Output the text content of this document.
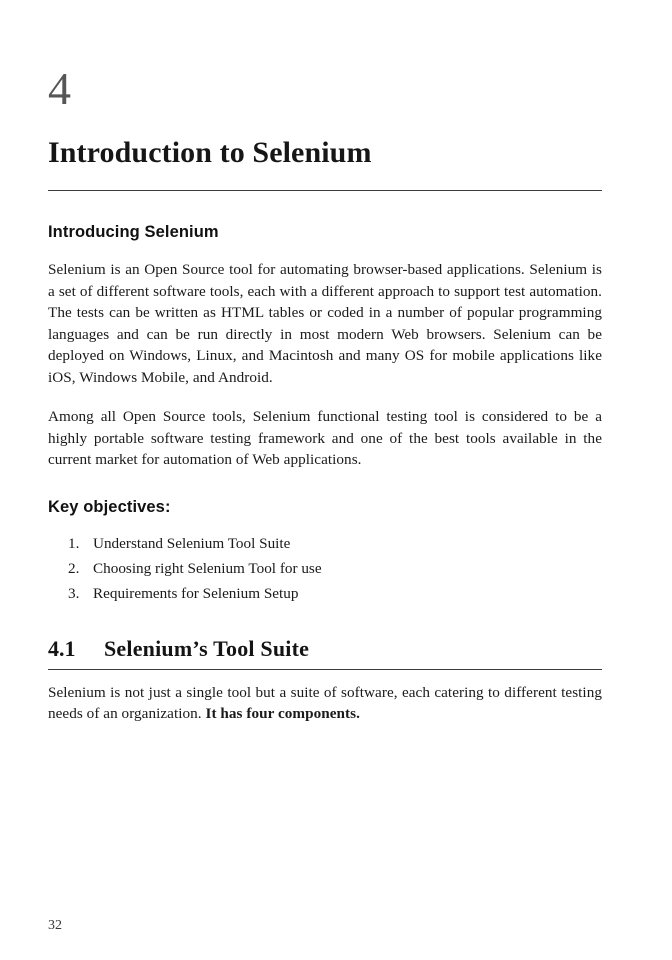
4
Introduction to Selenium
Introducing Selenium

Selenium is an Open Source tool for automating browser-based applications. Selenium is a set of different software tools, each with a different approach to support test automation. The tests can be written as HTML tables or coded in a number of popular programming languages and can be run directly in most modern Web browsers. Selenium can be deployed on Windows, Linux, and Macintosh and many OS for mobile applications like iOS, Windows Mobile, and Android.

Among all Open Source tools, Selenium functional testing tool is considered to be a highly portable software testing framework and one of the best tools available in the current market for automation of Web applications.

Key objectives:
1. Understand Selenium Tool Suite
2. Choosing right Selenium Tool for use
3. Requirements for Selenium Setup
4.1	Selenium’s Tool Suite

Selenium is not just a single tool but a suite of software, each catering to different testing needs of an organization. It has four components.

32
